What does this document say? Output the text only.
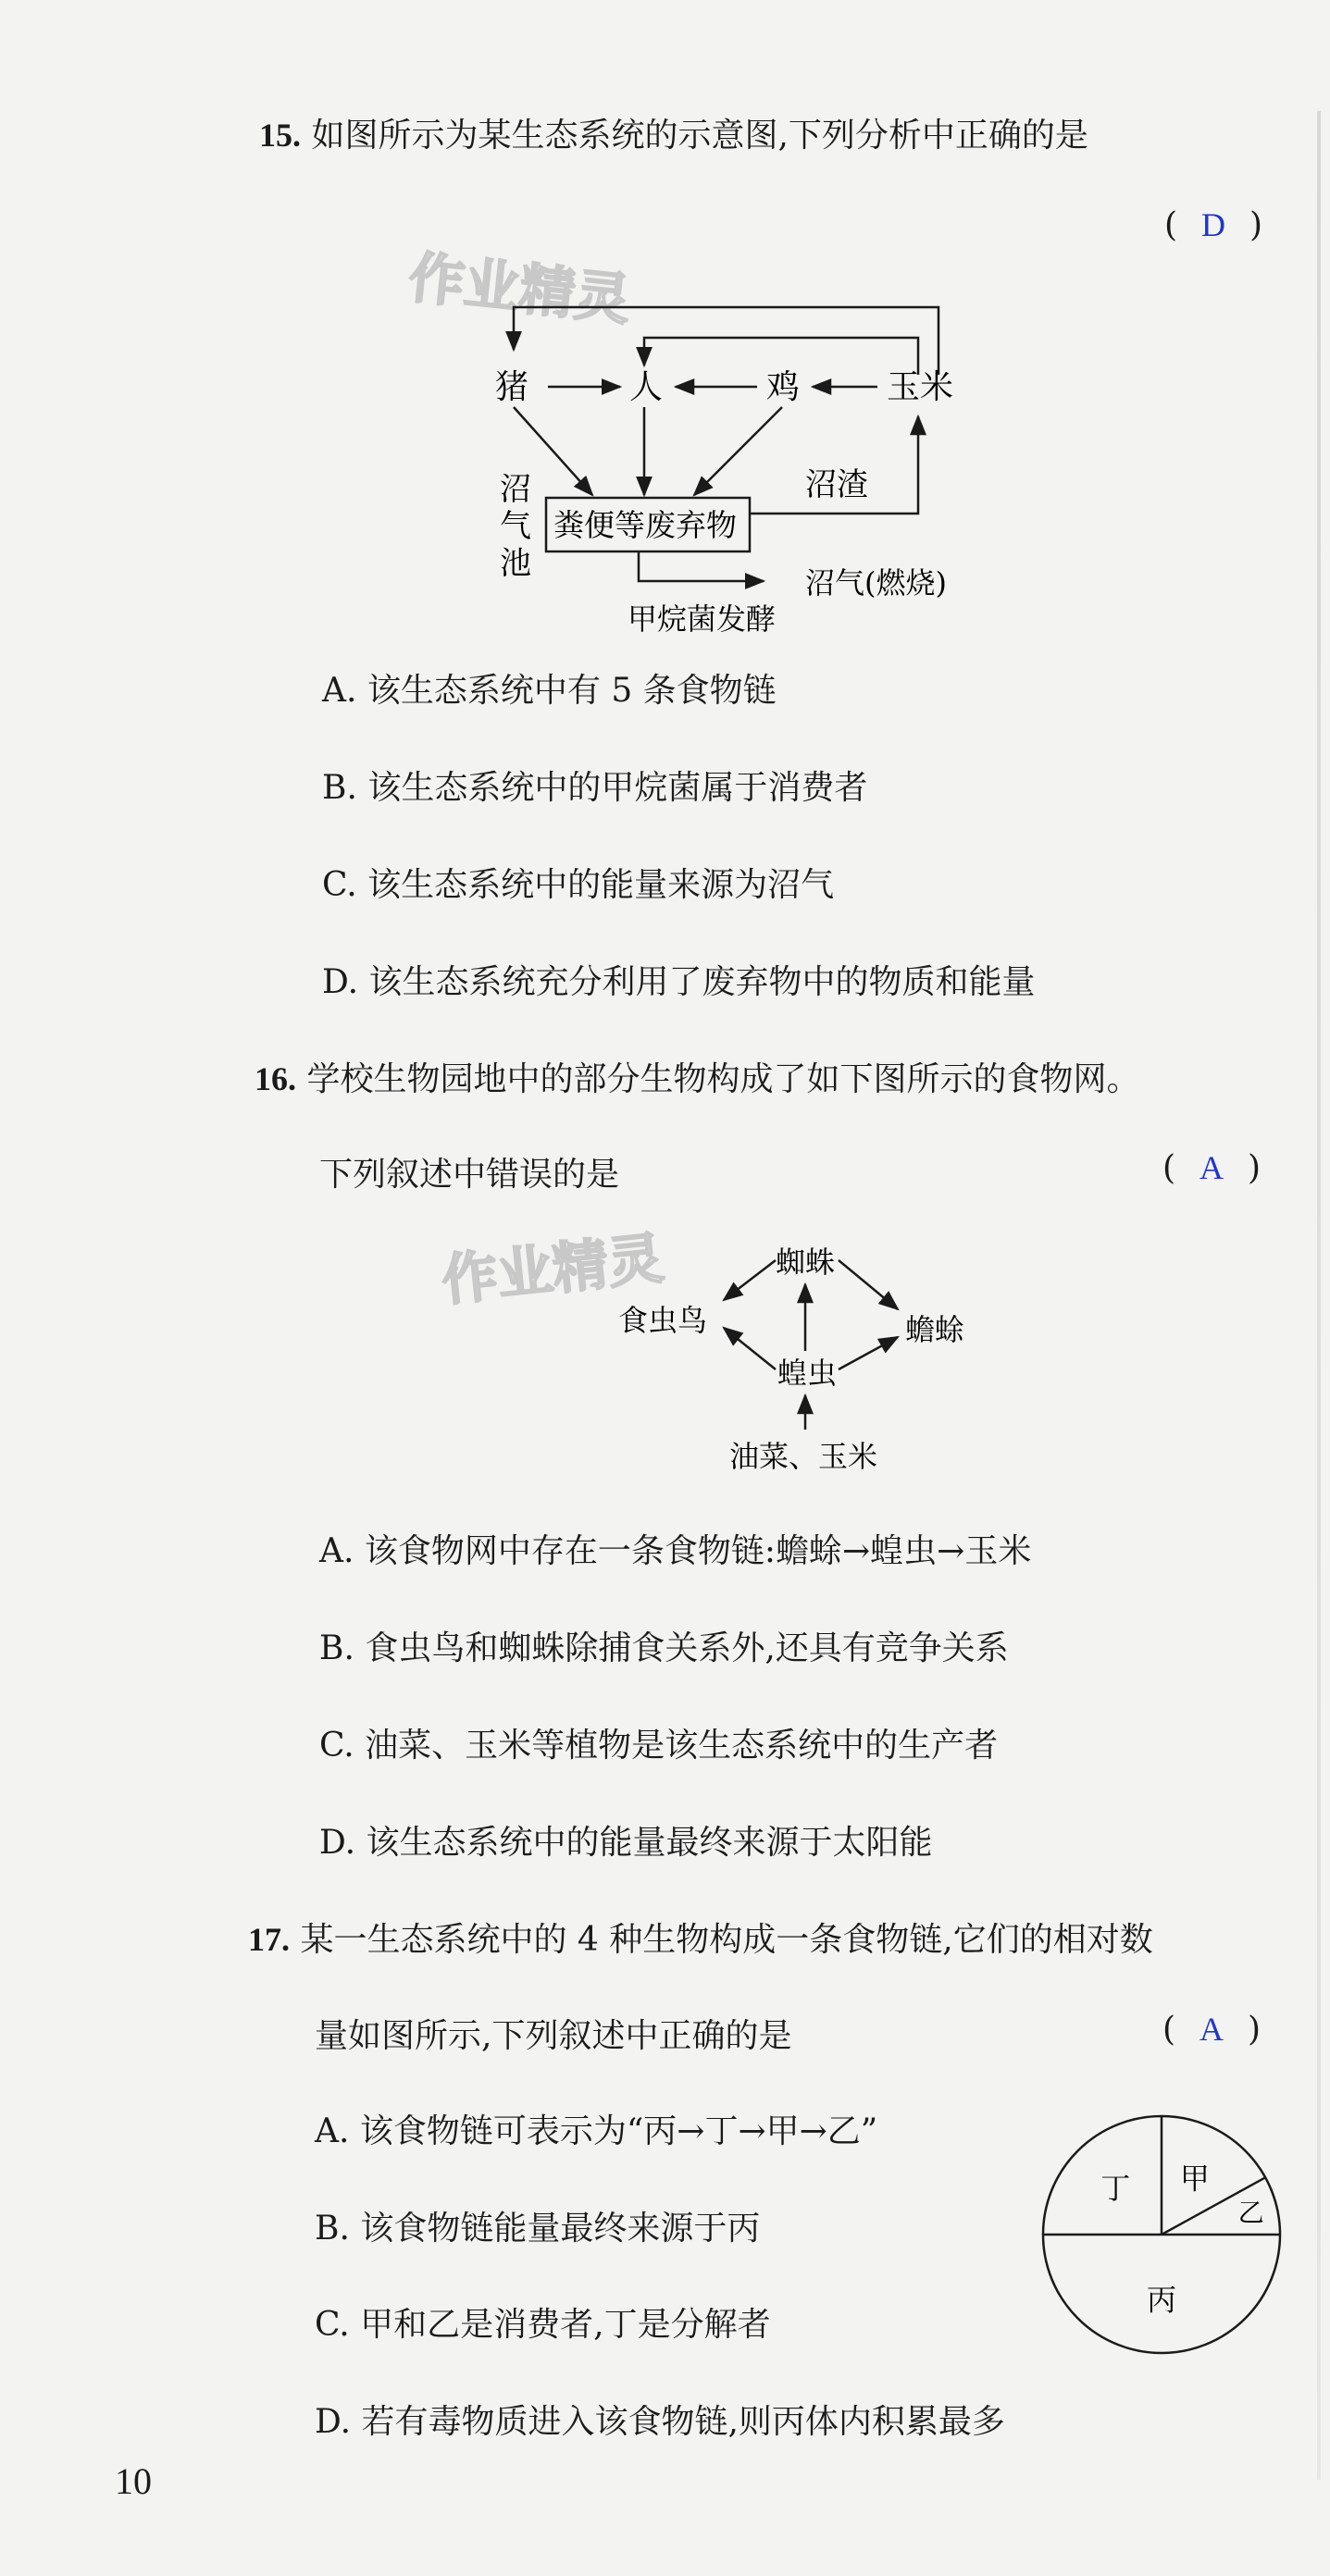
15. 如图所示为某生态系统的示意图,下列分析中正确的是
( D )
作业精灵
猪	人	鸡	玉米
粪便等废弃物
沼渣
沼气(燃烧)
甲烷菌发酵
沼
气
池
A. 该生态系统中有 5 条食物链
B. 该生态系统中的甲烷菌属于消费者
C. 该生态系统中的能量来源为沼气
D. 该生态系统充分利用了废弃物中的物质和能量
16. 学校生物园地中的部分生物构成了如下图所示的食物网。
下列叙述中错误的是	( A )
作业精灵	蜘蛛
食虫鸟	蟾蜍
蝗虫
油菜、玉米
A. 该食物网中存在一条食物链:蟾蜍→蝗虫→玉米
B. 食虫鸟和蜘蛛除捕食关系外,还具有竞争关系
C. 油菜、玉米等植物是该生态系统中的生产者
D. 该生态系统中的能量最终来源于太阳能
17. 某一生态系统中的 4 种生物构成一条食物链,它们的相对数
量如图所示,下列叙述中正确的是	( A )
A. 该食物链可表示为“丙→丁→甲→乙”
B. 该食物链能量最终来源于丙
C. 甲和乙是消费者,丁是分解者
D. 若有毒物质进入该食物链,则丙体内积累最多
甲
乙
丙
丁
10
